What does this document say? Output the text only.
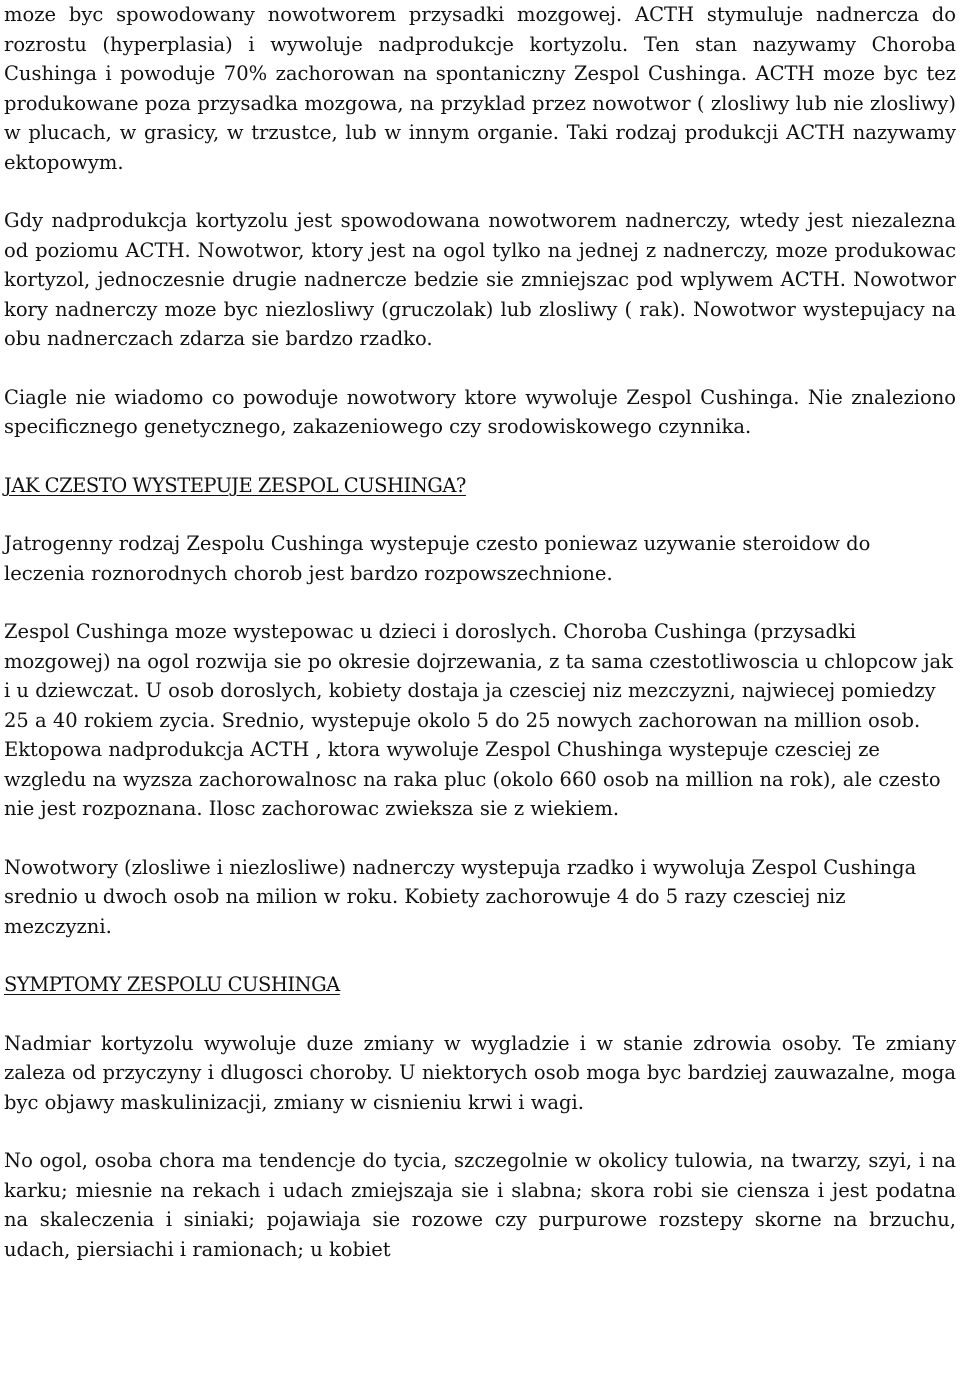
moze byc spowodowany nowotworem przysadki mozgowej. ACTH stymuluje nadnercza do rozrostu (hyperplasia) i wywoluje nadprodukcje kortyzolu. Ten stan nazywamy Choroba Cushinga i powoduje 70% zachorowan na spontaniczny Zespol Cushinga. ACTH moze byc tez produkowane poza przysadka mozgowa, na przyklad przez nowotwor ( zlosliwy lub nie zlosliwy) w plucach, w grasicy, w trzustce, lub w innym organie. Taki rodzaj produkcji ACTH nazywamy ektopowym.

Gdy nadprodukcja kortyzolu jest spowodowana nowotworem nadnerczy, wtedy jest niezalezna od poziomu ACTH. Nowotwor, ktory jest na ogol tylko na jednej z nadnerczy, moze produkowac kortyzol, jednoczesnie drugie nadnercze bedzie sie zmniejszac pod wplywem ACTH. Nowotwor kory nadnerczy moze byc niezlosliwy (gruczolak) lub zlosliwy ( rak). Nowotwor wystepujacy na obu nadnerczach zdarza sie bardzo rzadko.

Ciagle nie wiadomo co powoduje nowotwory ktore wywoluje Zespol Cushinga. Nie znaleziono specificznego genetycznego, zakazeniowego czy srodowiskowego czynnika.

JAK CZESTO WYSTEPUJE ZESPOL CUSHINGA?

Jatrogenny rodzaj Zespolu Cushinga wystepuje czesto poniewaz uzywanie steroidow do leczenia roznorodnych chorob jest bardzo rozpowszechnione.

Zespol Cushinga moze wystepowac u dzieci i doroslych. Choroba Cushinga (przysadki mozgowej) na ogol rozwija sie po okresie dojrzewania, z ta sama czestotliwoscia u chlopcow jak i u dziewczat. U osob doroslych, kobiety dostaja ja czesciej niz mezczyzni, najwiecej pomiedzy 25 a 40 rokiem zycia. Srednio, wystepuje okolo 5 do 25 nowych zachorowan na million osob. Ektopowa nadprodukcja ACTH , ktora wywoluje Zespol Chushinga wystepuje czesciej ze wzgledu na wyzsza zachorowalnosc na raka pluc (okolo 660 osob na million na rok), ale czesto nie jest rozpoznana. Ilosc zachorowac zwieksza sie z wiekiem.

Nowotwory (zlosliwe i niezlosliwe) nadnerczy wystepuja rzadko i wywoluja Zespol Cushinga srednio u dwoch osob na milion w roku. Kobiety zachorowuje 4 do 5 razy czesciej niz mezczyzni.

SYMPTOMY ZESPOLU CUSHINGA

Nadmiar kortyzolu wywoluje duze zmiany w wygladzie i w stanie zdrowia osoby. Te zmiany zaleza od przyczyny i dlugosci choroby. U niektorych osob moga byc bardziej zauwazalne, moga byc objawy maskulinizacji, zmiany w cisnieniu krwi i wagi.

No ogol, osoba chora ma tendencje do tycia, szczegolnie w okolicy tulowia, na twarzy, szyi, i na karku; miesnie na rekach i udach zmiejszaja sie i slabna; skora robi sie ciensza i jest podatna na skaleczenia i siniaki; pojawiaja sie rozowe czy purpurowe rozstepy skorne na brzuchu, udach, piersiachi i ramionach; u kobiet
